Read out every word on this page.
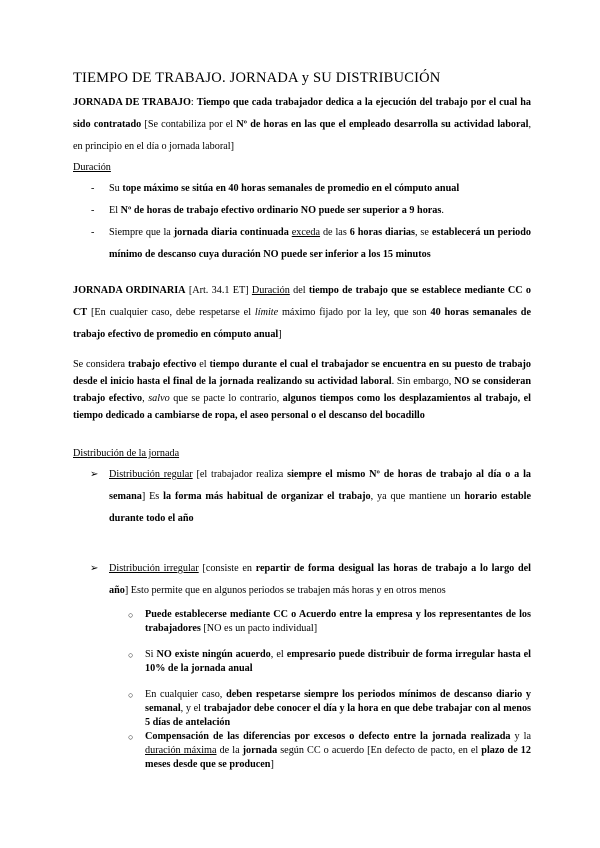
TIEMPO DE TRABAJO. JORNADA y SU DISTRIBUCIÓN

JORNADA DE TRABAJO: Tiempo que cada trabajador dedica a la ejecución del trabajo por el cual ha sido contratado [Se contabiliza por el Nº de horas en las que el empleado desarrolla su actividad laboral, en principio en el día o jornada laboral]

Duración

- Su tope máximo se sitúa en 40 horas semanales de promedio en el cómputo anual
- El Nº de horas de trabajo efectivo ordinario NO puede ser superior a 9 horas.
- Siempre que la jornada diaria continuada exceda de las 6 horas diarias, se establecerá un periodo mínimo de descanso cuya duración NO puede ser inferior a los 15 minutos

JORNADA ORDINARIA [Art. 34.1 ET] Duración del tiempo de trabajo que se establece mediante CC o CT [En cualquier caso, debe respetarse el límite máximo fijado por la ley, que son 40 horas semanales de trabajo efectivo de promedio en cómputo anual]

Se considera trabajo efectivo el tiempo durante el cual el trabajador se encuentra en su puesto de trabajo desde el inicio hasta el final de la jornada realizando su actividad laboral. Sin embargo, NO se consideran trabajo efectivo, salvo que se pacte lo contrario, algunos tiempos como los desplazamientos al trabajo, el tiempo dedicado a cambiarse de ropa, el aseo personal o el descanso del bocadillo

Distribución de la jornada

➢ Distribución regular [el trabajador realiza siempre el mismo Nº de horas de trabajo al día o a la semana] Es la forma más habitual de organizar el trabajo, ya que mantiene un horario estable durante todo el año
➢ Distribución irregular [consiste en repartir de forma desigual las horas de trabajo a lo largo del año] Esto permite que en algunos periodos se trabajen más horas y en otros menos
○ Puede establecerse mediante CC o Acuerdo entre la empresa y los representantes de los trabajadores [NO es un pacto individual]
○ Si NO existe ningún acuerdo, el empresario puede distribuir de forma irregular hasta el 10% de la jornada anual
○ En cualquier caso, deben respetarse siempre los periodos mínimos de descanso diario y semanal, y el trabajador debe conocer el día y la hora en que debe trabajar con al menos 5 días de antelación
○ Compensación de las diferencias por excesos o defecto entre la jornada realizada y la duración máxima de la jornada según CC o acuerdo [En defecto de pacto, en el plazo de 12 meses desde que se producen]
